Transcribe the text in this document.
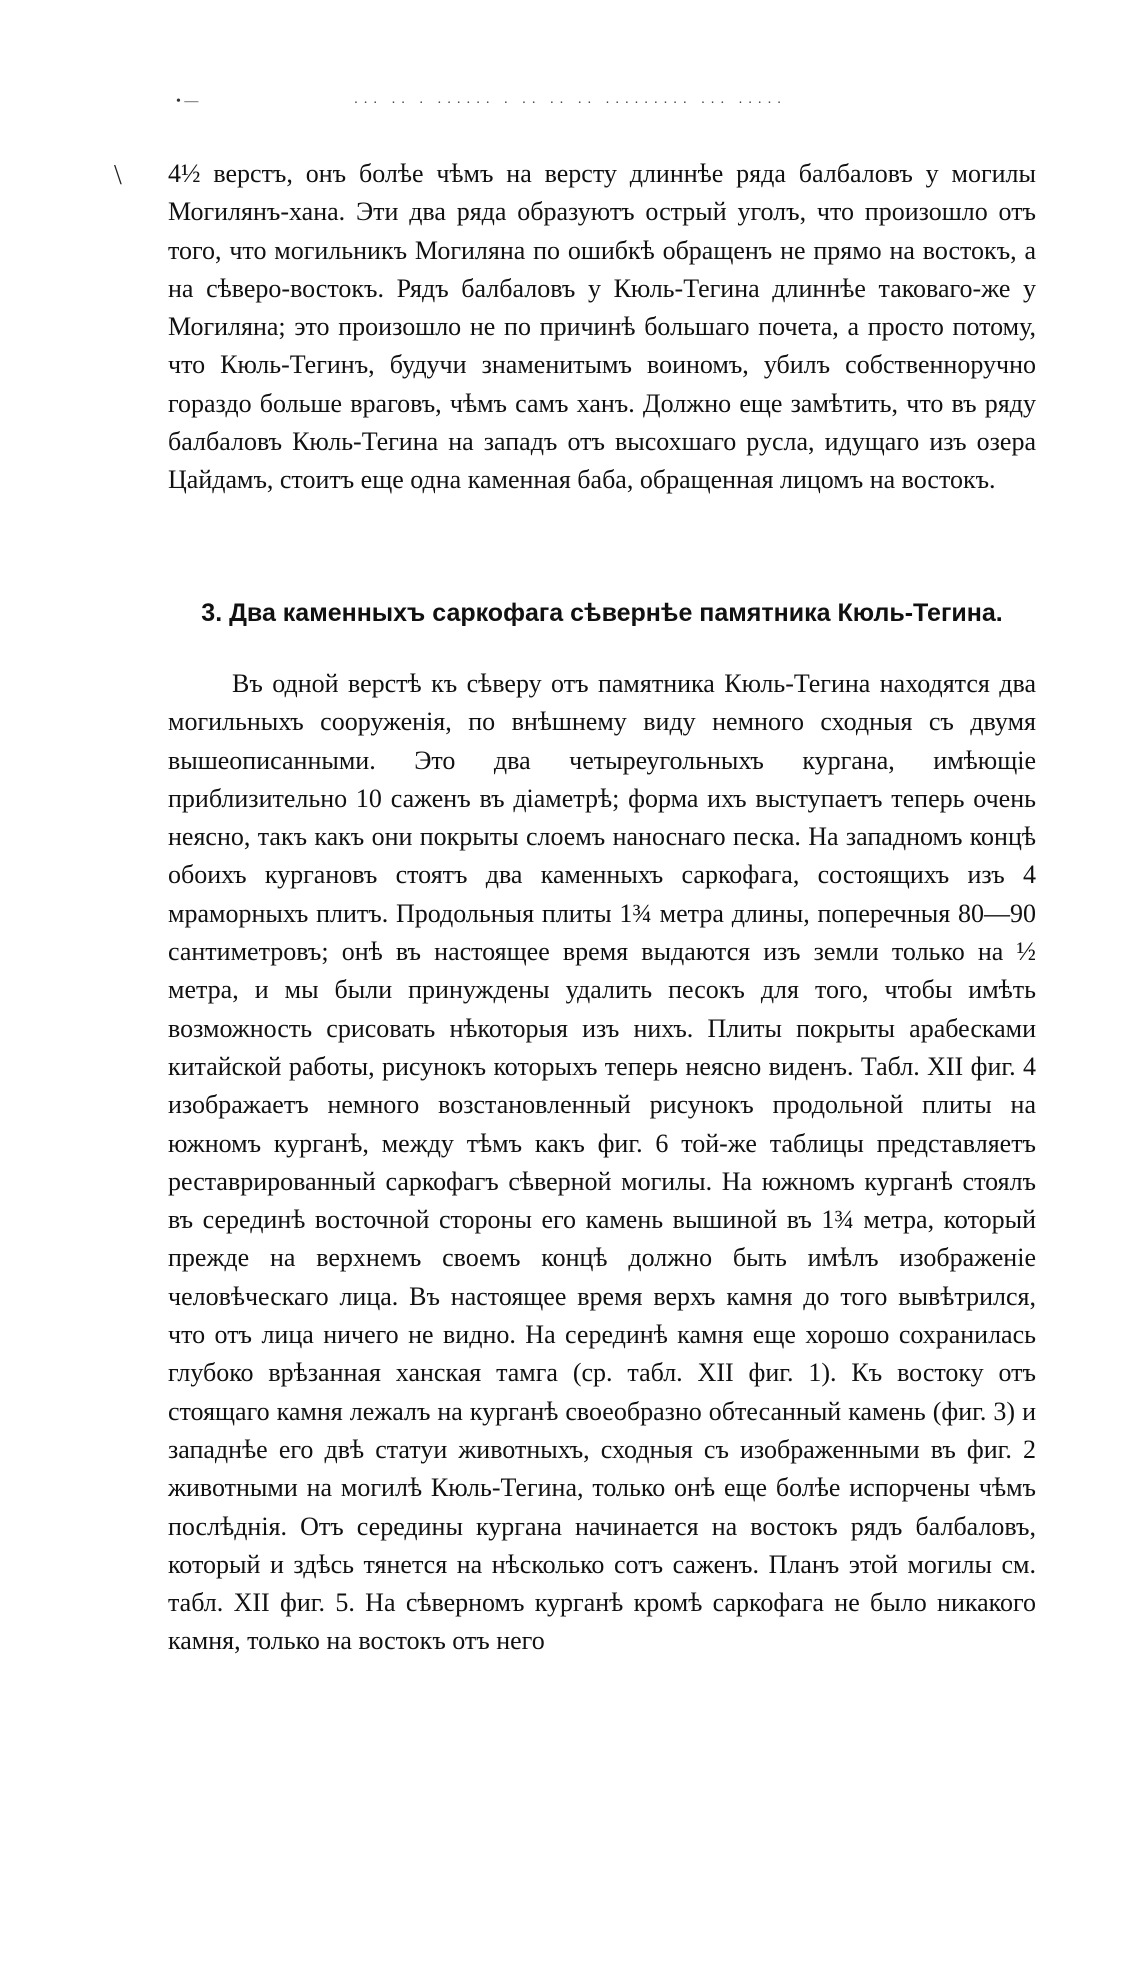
• —	··· ·· · ······ · ·· ·· ·· ········· ··· ·····
\ 4½ верстъ, онъ болѣе чѣмъ на версту длиннѣе ряда балбаловъ у могилы Могилянъ-хана. Эти два ряда образуютъ острый уголъ, что произошло отъ того, что могильникъ Могиляна по ошибкѣ обращенъ не прямо на востокъ, а на сѣверо-востокъ. Рядъ балбаловъ у Кюль-Тегина длиннѣе таковаго-же у Могиляна; это произошло не по причинѣ большаго почета, а просто потому, что Кюль-Тегинъ, будучи знаменитымъ воиномъ, убилъ собственноручно гораздо больше враговъ, чѣмъ самъ ханъ. Должно еще замѣтить, что въ ряду балбаловъ Кюль-Тегина на западъ отъ высохшаго русла, идущаго изъ озера Цайдамъ, стоитъ еще одна каменная баба, обращенная лицомъ на востокъ.

3. Два каменныхъ саркофага сѣвернѣе памятника Кюль-Тегина.

Въ одной верстѣ къ сѣверу отъ памятника Кюль-Тегина находятся два могильныхъ сооруженія, по внѣшнему виду немного сходныя съ двумя вышеописанными. Это два четыреугольныхъ кургана, имѣющіе приблизительно 10 саженъ въ діаметрѣ; форма ихъ выступаетъ теперь очень неясно, такъ какъ они покрыты слоемъ наноснаго песка. На западномъ концѣ обоихъ кургановъ стоятъ два каменныхъ саркофага, состоящихъ изъ 4 мраморныхъ плитъ. Продольныя плиты 1¾ метра длины, поперечныя 80—90 сантиметровъ; онѣ въ настоящее время выдаются изъ земли только на ½ метра, и мы были принуждены удалить песокъ для того, чтобы имѣть возможность срисовать нѣкоторыя изъ нихъ. Плиты покрыты арабесками китайской работы, рисунокъ которыхъ теперь неясно виденъ. Табл. XII фиг. 4 изображаетъ немного возстановленный рисунокъ продольной плиты на южномъ курганѣ, между тѣмъ какъ фиг. 6 той-же таблицы представляетъ реставрированный саркофагъ сѣверной могилы. На южномъ курганѣ стоялъ въ серединѣ восточной стороны его камень вышиной въ 1¾ метра, который прежде на верхнемъ своемъ концѣ должно быть имѣлъ изображеніе человѣческаго лица. Въ настоящее время верхъ камня до того вывѣтрился, что отъ лица ничего не видно. На серединѣ камня еще хорошо сохранилась глубоко врѣзанная ханская тамга (ср. табл. XII фиг. 1). Къ востоку отъ стоящаго камня лежалъ на курганѣ своеобразно обтесанный камень (фиг. 3) и западнѣе его двѣ статуи животныхъ, сходныя съ изображенными въ фиг. 2 животными на могилѣ Кюль-Тегина, только онѣ еще болѣе испорчены чѣмъ послѣднія. Отъ середины кургана начинается на востокъ рядъ балбаловъ, который и здѣсь тянется на нѣсколько сотъ саженъ. Планъ этой могилы см. табл. XII фиг. 5. На сѣверномъ курганѣ кромѣ саркофага не было никакого камня, только на востокъ отъ него
